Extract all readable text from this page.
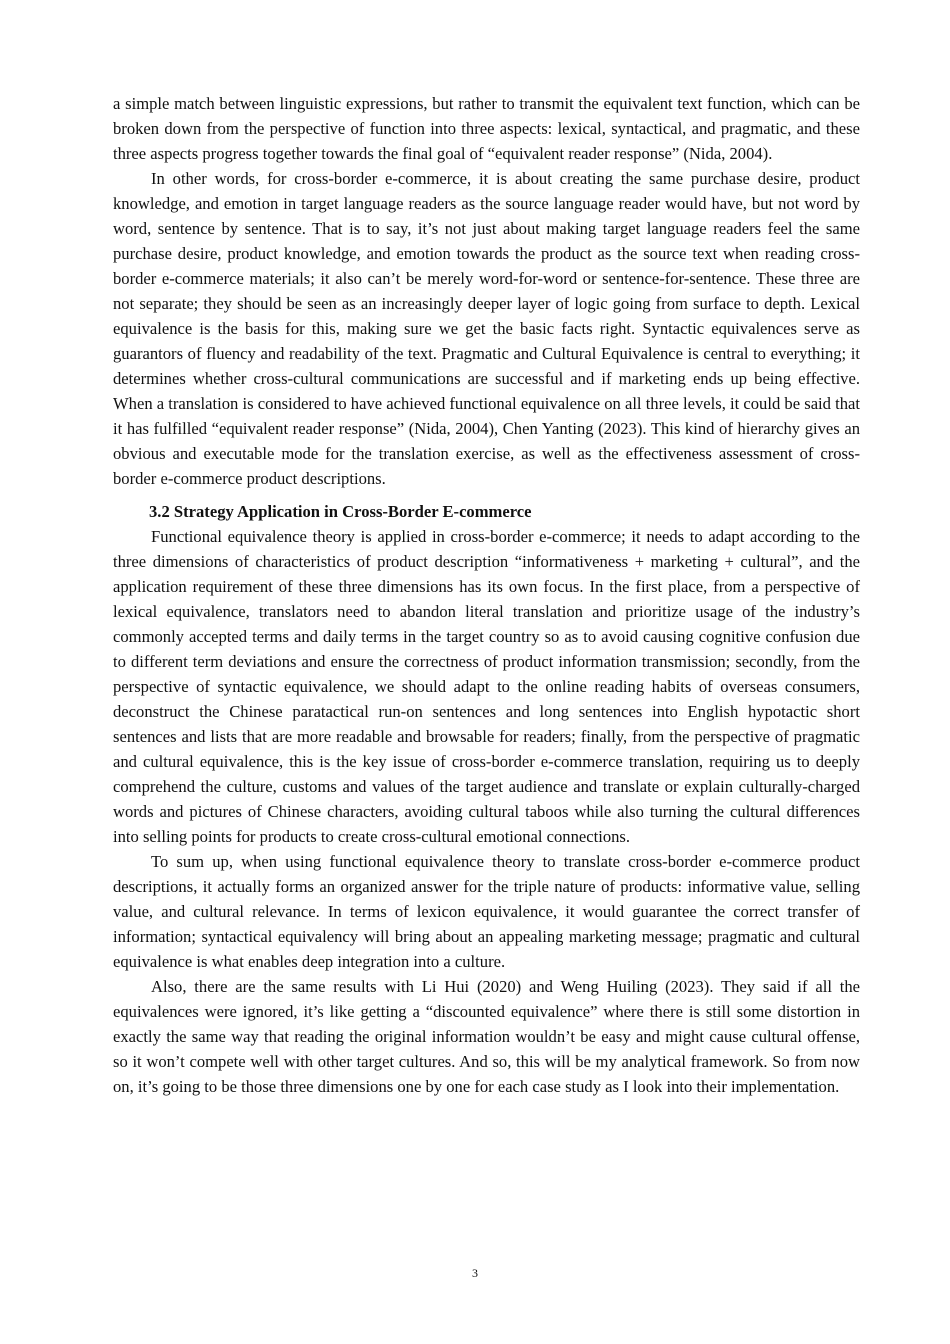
a simple match between linguistic expressions, but rather to transmit the equivalent text function, which can be broken down from the perspective of function into three aspects: lexical, syntactical, and pragmatic, and these three aspects progress together towards the final goal of “equivalent reader response” (Nida, 2004).

In other words, for cross-border e-commerce, it is about creating the same purchase desire, product knowledge, and emotion in target language readers as the source language reader would have, but not word by word, sentence by sentence. That is to say, it’s not just about making target language readers feel the same purchase desire, product knowledge, and emotion towards the product as the source text when reading cross-border e-commerce materials; it also can’t be merely word-for-word or sentence-for-sentence. These three are not separate; they should be seen as an increasingly deeper layer of logic going from surface to depth. Lexical equivalence is the basis for this, making sure we get the basic facts right. Syntactic equivalences serve as guarantors of fluency and readability of the text. Pragmatic and Cultural Equivalence is central to everything; it determines whether cross-cultural communications are successful and if marketing ends up being effective. When a translation is considered to have achieved functional equivalence on all three levels, it could be said that it has fulfilled “equivalent reader response” (Nida, 2004), Chen Yanting (2023). This kind of hierarchy gives an obvious and executable mode for the translation exercise, as well as the effectiveness assessment of cross-border e-commerce product descriptions.

3.2 Strategy Application in Cross-Border E-commerce

Functional equivalence theory is applied in cross-border e-commerce; it needs to adapt according to the three dimensions of characteristics of product description “informativeness + marketing + cultural”, and the application requirement of these three dimensions has its own focus. In the first place, from a perspective of lexical equivalence, translators need to abandon literal translation and prioritize usage of the industry’s commonly accepted terms and daily terms in the target country so as to avoid causing cognitive confusion due to different term deviations and ensure the correctness of product information transmission; secondly, from the perspective of syntactic equivalence, we should adapt to the online reading habits of overseas consumers, deconstruct the Chinese paratactical run-on sentences and long sentences into English hypotactic short sentences and lists that are more readable and browsable for readers; finally, from the perspective of pragmatic and cultural equivalence, this is the key issue of cross-border e-commerce translation, requiring us to deeply comprehend the culture, customs and values of the target audience and translate or explain culturally-charged words and pictures of Chinese characters, avoiding cultural taboos while also turning the cultural differences into selling points for products to create cross-cultural emotional connections.

To sum up, when using functional equivalence theory to translate cross-border e-commerce product descriptions, it actually forms an organized answer for the triple nature of products: informative value, selling value, and cultural relevance. In terms of lexicon equivalence, it would guarantee the correct transfer of information; syntactical equivalency will bring about an appealing marketing message; pragmatic and cultural equivalence is what enables deep integration into a culture.

Also, there are the same results with Li Hui (2020) and Weng Huiling (2023). They said if all the equivalences were ignored, it’s like getting a “discounted equivalence” where there is still some distortion in exactly the same way that reading the original information wouldn’t be easy and might cause cultural offense, so it won’t compete well with other target cultures. And so, this will be my analytical framework. So from now on, it’s going to be those three dimensions one by one for each case study as I look into their implementation.

3
